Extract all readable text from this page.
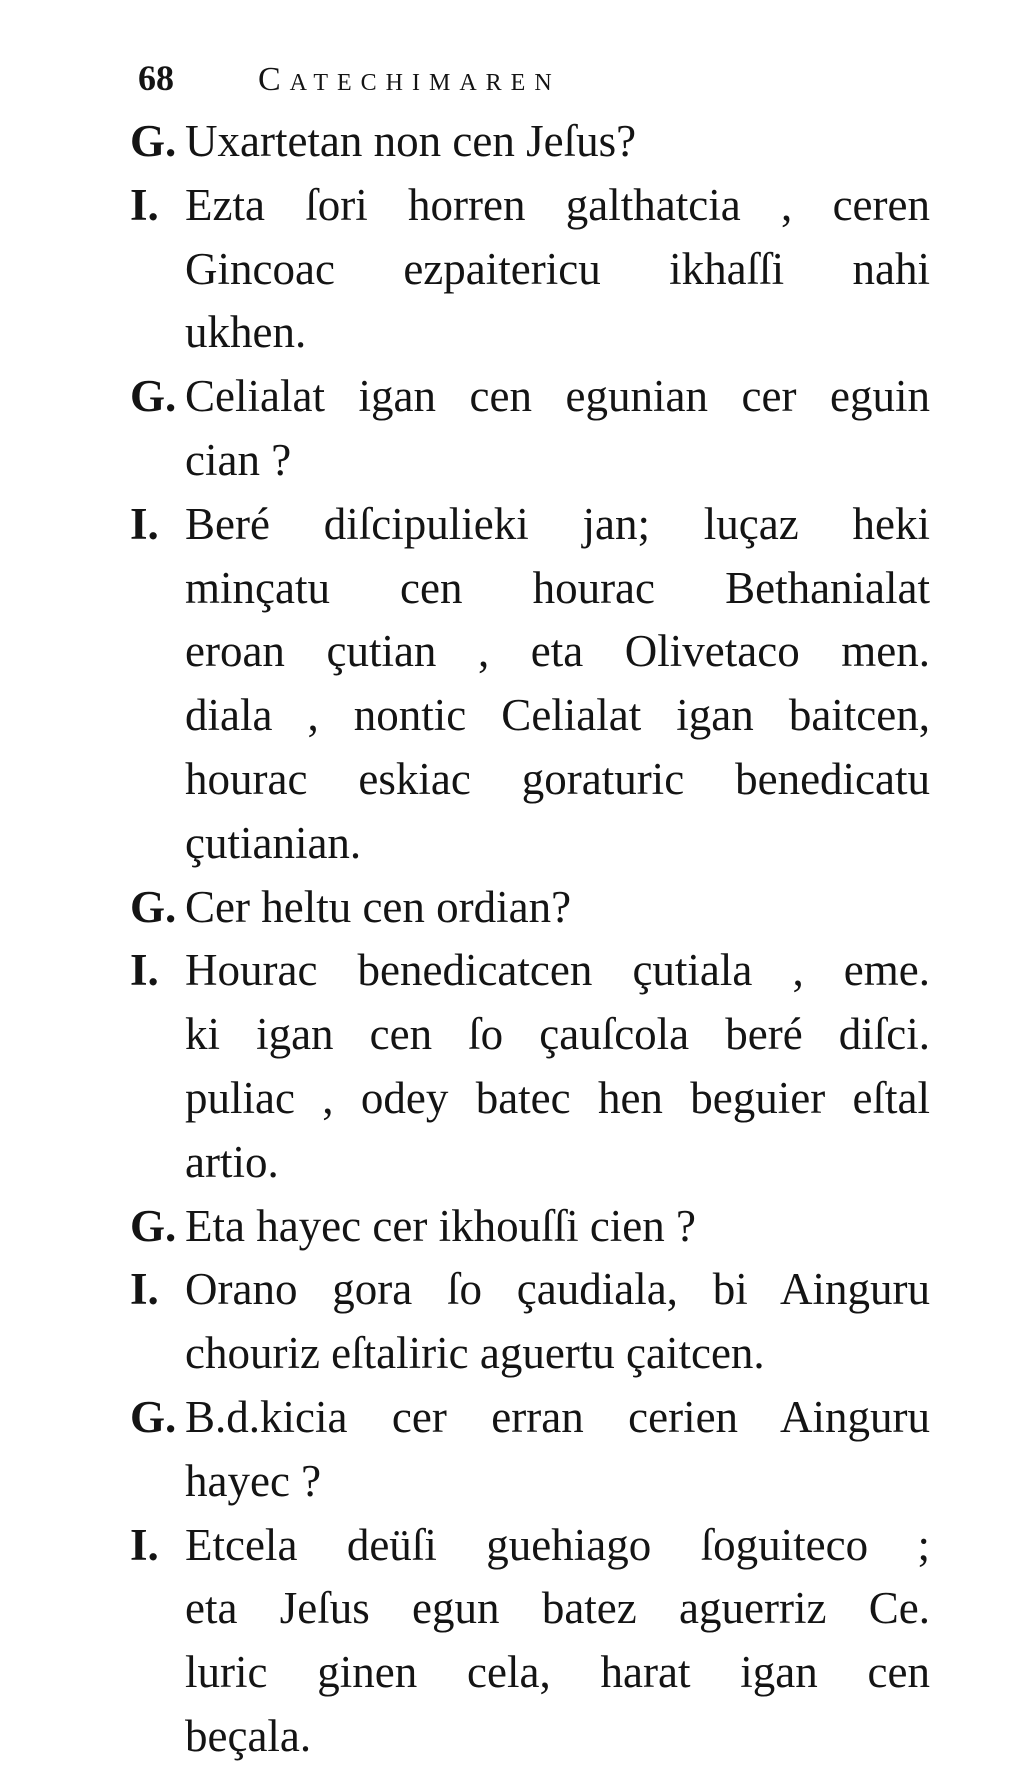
68 Catechimaren
G. Uxartetan non cen Jeſus?
I. Ezta ſori horren galthatcia , ceren
Gincoac ezpaitericu ikhaſſi nahi
ukhen.
G. Celialat igan cen egunian cer eguin
cian ?
I. Beré diſcipulieki jan; luçaz heki
minçatu cen hourac Bethanialat
eroan çutian , eta Olivetaco men.
diala , nontic Celialat igan baitcen,
hourac eskiac goraturic benedicatu
çutianian.
G. Cer heltu cen ordian?
I. Hourac benedicatcen çutiala , eme.
ki igan cen ſo çauſcola beré diſci.
puliac , odey batec hen beguier eſtal
artio.
G. Eta hayec cer ikhouſſi cien ?
I. Orano gora ſo çaudiala, bi Ainguru
chouriz eſtaliric aguertu çaitcen.
G. B.d.kicia cer erran cerien Ainguru
hayec ?
I. Etcela deüſi guehiago ſoguiteco ;
eta Jeſus egun batez aguerriz Ce.
luric ginen cela, harat igan cen
beçala.
